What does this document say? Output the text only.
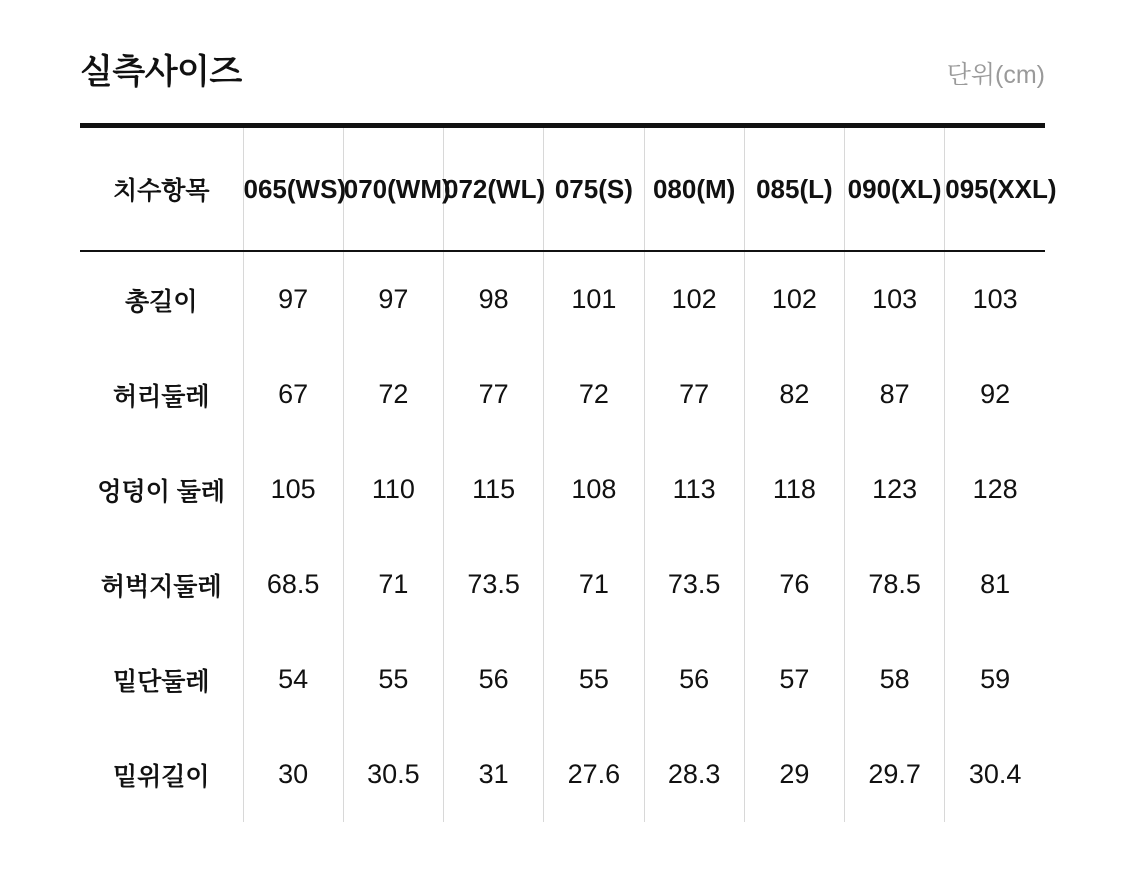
실측사이즈	단위(cm)
치수항목	065(WS)	070(WM)	072(WL)	075(S)	080(M)	085(L)	090(XL)	095(XXL)
총길이	97	97	98	101	102	102	103	103
허리둘레	67	72	77	72	77	82	87	92
엉덩이 둘레	105	110	115	108	113	118	123	128
허벅지둘레	68.5	71	73.5	71	73.5	76	78.5	81
밑단둘레	54	55	56	55	56	57	58	59
밑위길이	30	30.5	31	27.6	28.3	29	29.7	30.4
